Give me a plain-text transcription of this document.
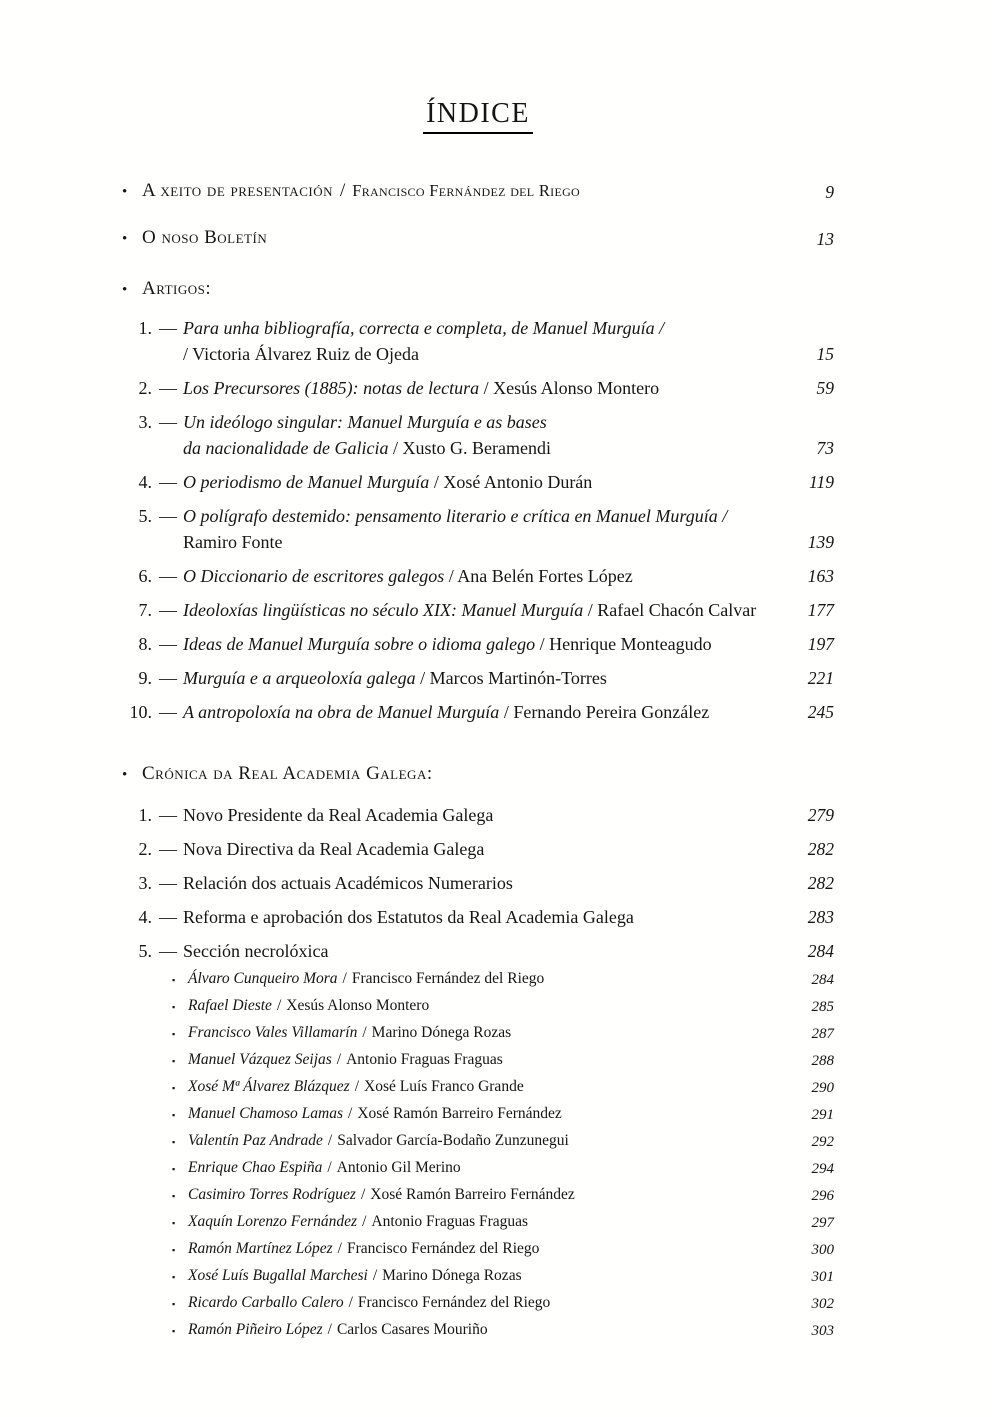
ÍNDICE
• A xeito de presentación / Francisco Fernández del Riego	9
• O noso Boletín	13
• Artigos:
1. — Para unha bibliografía, correcta e completa, de Manuel Murguía /
/ Victoria Álvarez Ruiz de Ojeda	15
2. — Los Precursores (1885): notas de lectura / Xesús Alonso Montero	59
3. — Un ideólogo singular: Manuel Murguía e as bases
da nacionalidade de Galicia / Xusto G. Beramendi	73
4. — O periodismo de Manuel Murguía / Xosé Antonio Durán	119
5. — O polígrafo destemido: pensamento literario e crítica en Manuel Murguía /
Ramiro Fonte	139
6. — O Diccionario de escritores galegos / Ana Belén Fortes López	163
7. — Ideoloxías lingüísticas no século XIX: Manuel Murguía / Rafael Chacón Calvar	177
8. — Ideas de Manuel Murguía sobre o idioma galego / Henrique Monteagudo	197
9. — Murguía e a arqueoloxía galega / Marcos Martinón-Torres	221
10. — A antropoloxía na obra de Manuel Murguía / Fernando Pereira González	245
• Crónica da Real Academia Galega:
1. — Novo Presidente da Real Academia Galega	279
2. — Nova Directiva da Real Academia Galega	282
3. — Relación dos actuais Académicos Numerarios	282
4. — Reforma e aprobación dos Estatutos da Real Academia Galega	283
5. — Sección necrolóxica	284
▪ Álvaro Cunqueiro Mora / Francisco Fernández del Riego	284
▪ Rafael Dieste / Xesús Alonso Montero	285
▪ Francisco Vales Villamarín / Marino Dónega Rozas	287
▪ Manuel Vázquez Seijas / Antonio Fraguas Fraguas	288
▪ Xosé Mª Álvarez Blázquez / Xosé Luís Franco Grande	290
▪ Manuel Chamoso Lamas / Xosé Ramón Barreiro Fernández	291
▪ Valentín Paz Andrade / Salvador García-Bodaño Zunzunegui	292
▪ Enrique Chao Espiña / Antonio Gil Merino	294
▪ Casimiro Torres Rodríguez / Xosé Ramón Barreiro Fernández	296
▪ Xaquín Lorenzo Fernández / Antonio Fraguas Fraguas	297
▪ Ramón Martínez López / Francisco Fernández del Riego	300
▪ Xosé Luís Bugallal Marchesi / Marino Dónega Rozas	301
▪ Ricardo Carballo Calero / Francisco Fernández del Riego	302
▪ Ramón Piñeiro López / Carlos Casares Mouriño	303
